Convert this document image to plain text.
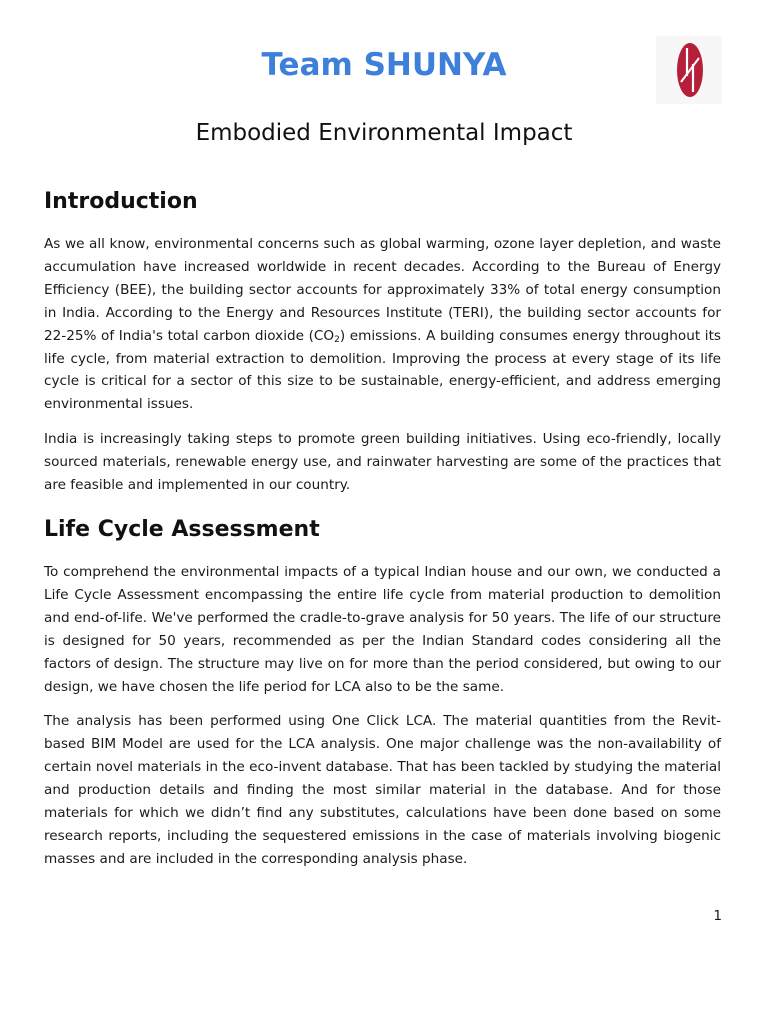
Team SHUNYA
Embodied Environmental Impact
Introduction

As we all know, environmental concerns such as global warming, ozone layer depletion, and waste accumulation have increased worldwide in recent decades. According to the Bureau of Energy Efficiency (BEE), the building sector accounts for approximately 33% of total energy consumption in India. According to the Energy and Resources Institute (TERI), the building sector accounts for 22-25% of India's total carbon dioxide $(CO_2)$ emissions. A building consumes energy throughout its life cycle, from material extraction to demolition. Improving the process at every stage of its life cycle is critical for a sector of this size to be sustainable, energy-efficient, and address emerging environmental issues.

India is increasingly taking steps to promote green building initiatives. Using eco-friendly, locally sourced materials, renewable energy use, and rainwater harvesting are some of the practices that are feasible and implemented in our country.

Life Cycle Assessment

To comprehend the environmental impacts of a typical Indian house and our own, we conducted a Life Cycle Assessment encompassing the entire life cycle from material production to demolition and end-of-life. We've performed the cradle-to-grave analysis for 50 years. The life of our structure is designed for 50 years, recommended as per the Indian Standard codes considering all the factors of design. The structure may live on for more than the period considered, but owing to our design, we have chosen the life period for LCA also to be the same.

The analysis has been performed using One Click LCA. The material quantities from the Revit-based BIM Model are used for the LCA analysis. One major challenge was the non-availability of certain novel materials in the eco-invent database. That has been tackled by studying the material and production details and finding the most similar material in the database. And for those materials for which we didn’t find any substitutes, calculations have been done based on some research reports, including the sequestered emissions in the case of materials involving biogenic masses and are included in the corresponding analysis phase.

1
